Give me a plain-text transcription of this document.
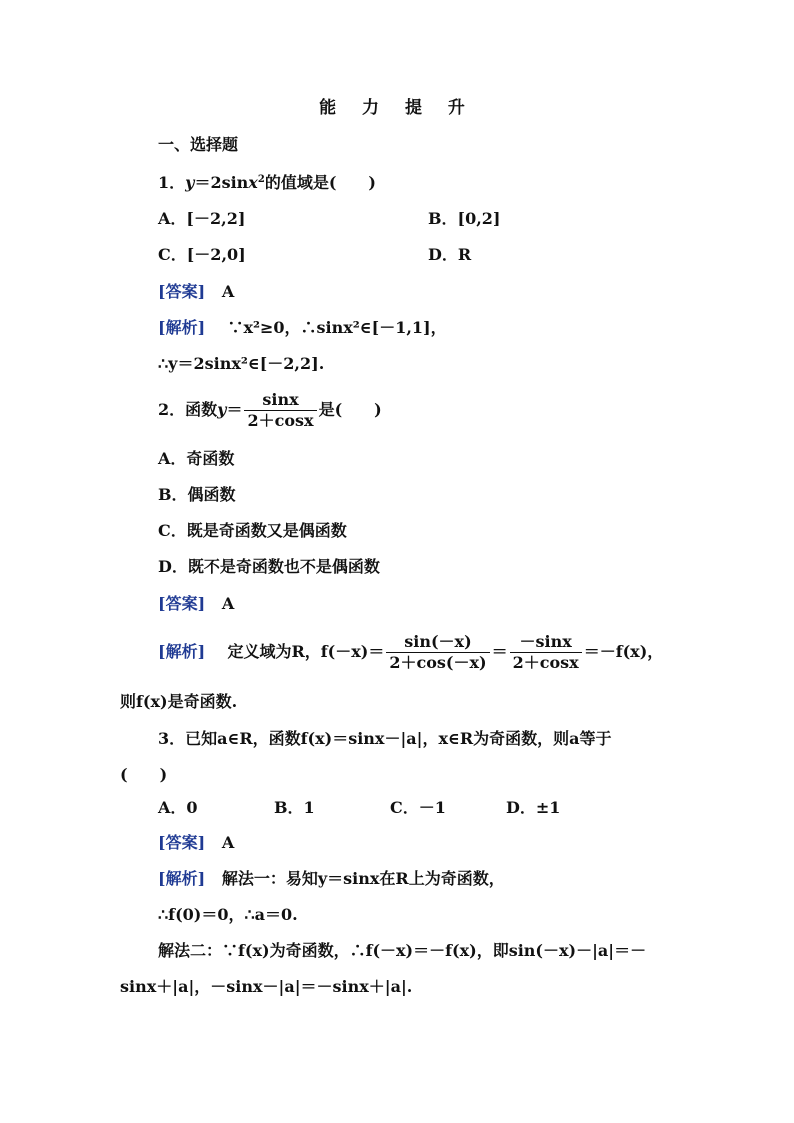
能 力 提 升
一、选择题
1．y＝2sinx$^2$的值域是(　　)
A．[－2,2]	B．[0,2]
C．[－2,0]	D．R
[答案] A
[解析] ∵x²≥0，∴sinx²∈[－1,1]，
∴y＝2sinx²∈[－2,2].
2．函数$y= \frac{\sin x}{2+\cos x}$ 是(　　)
A．奇函数
B．偶函数
C．既是奇函数又是偶函数
D．既不是奇函数也不是偶函数
[答案] A
[解析] 定义域为R，$f(-x)= \frac{\sin(-x)}{2+\cos(-x)} = \frac{-\sin x}{2+\cos x} =-f(x)$，
则f(x)是奇函数.
3．已知a∈R，函数f(x)＝sinx－|a|，x∈R为奇函数，则a等于
(　　)
A．0	B．1	C．－1	D．±1
[答案] A
[解析] 解法一：易知y＝sinx在R上为奇函数，
∴f(0)＝0，∴a＝0.
解法二：∵f(x)为奇函数，∴f(－x)＝－f(x)，即sin(－x)－|a|＝－
sinx＋|a|，－sinx－|a|＝－sinx＋|a|.
